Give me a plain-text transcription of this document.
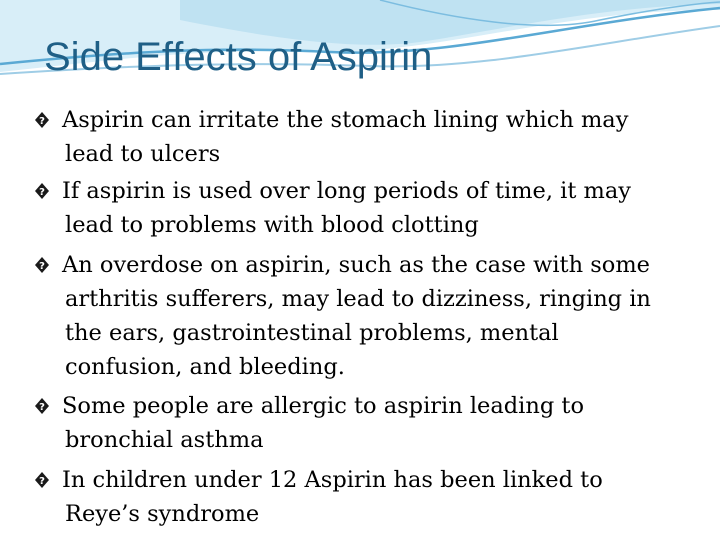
Side Effects of Aspirin
? Aspirin can irritate the stomach lining which may
lead to ulcers
? If aspirin is used over long periods of time, it may
lead to problems with blood clotting
? An overdose on aspirin, such as the case with some
arthritis sufferers, may lead to dizziness, ringing in
the ears, gastrointestinal problems, mental
confusion, and bleeding.
? Some people are allergic to aspirin leading to
bronchial asthma
? In children under 12 Aspirin has been linked to
Reye’s syndrome
